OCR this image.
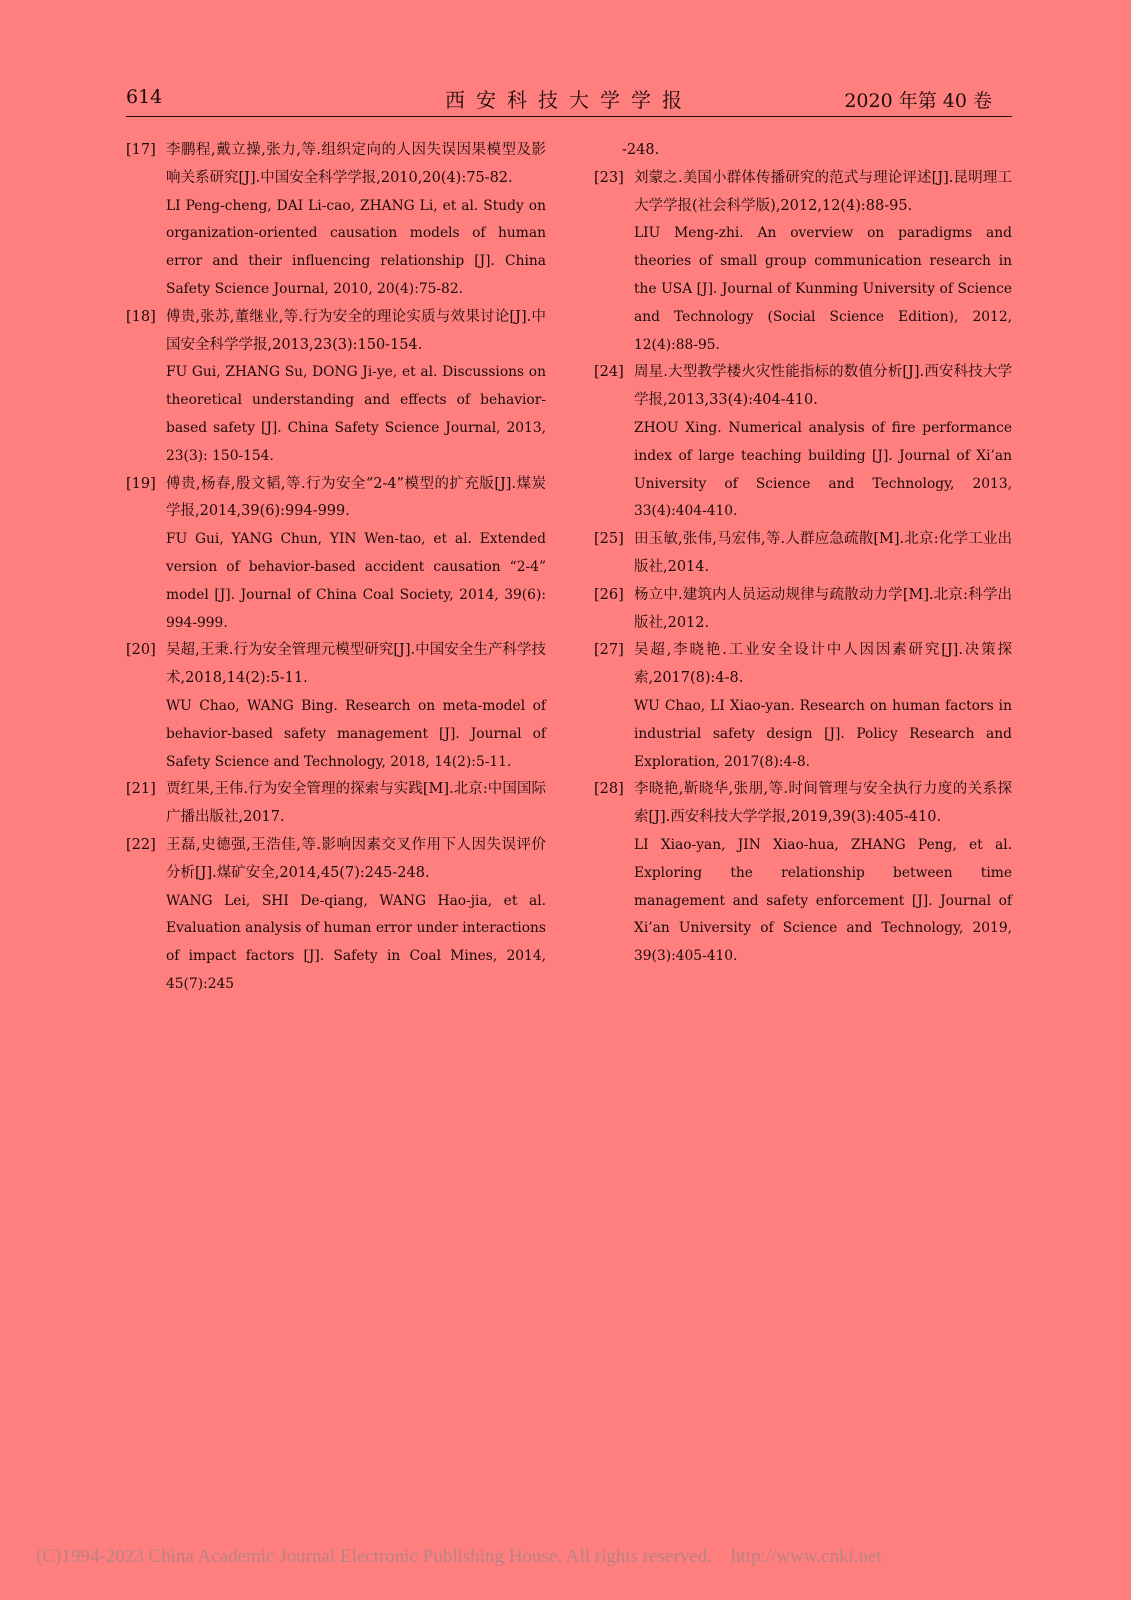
614	西安科技大学学报	2020 年第 40 卷
[17] 李鹏程,戴立操,张力,等.组织定向的人因失误因果模型及影响关系研究[J].中国安全科学学报,2010,20(4):75-82.
LI Peng-cheng, DAI Li-cao, ZHANG Li, et al. Study on organization-oriented causation models of human error and their influencing relationship [J]. China Safety Science Journal, 2010, 20(4):75-82.
[18] 傅贵,张苏,董继业,等.行为安全的理论实质与效果讨论[J].中国安全科学学报,2013,23(3):150-154.
FU Gui, ZHANG Su, DONG Ji-ye, et al. Discussions on theoretical understanding and effects of behavior-based safety [J]. China Safety Science Journal, 2013, 23(3): 150-154.
[19] 傅贵,杨春,殷文韬,等.行为安全“2-4”模型的扩充版[J].煤炭学报,2014,39(6):994-999.
FU Gui, YANG Chun, YIN Wen-tao, et al. Extended version of behavior-based accident causation “2-4” model [J]. Journal of China Coal Society, 2014, 39(6): 994-999.
[20] 吴超,王秉.行为安全管理元模型研究[J].中国安全生产科学技术,2018,14(2):5-11.
WU Chao, WANG Bing. Research on meta-model of behavior-based safety management [J]. Journal of Safety Science and Technology, 2018, 14(2):5-11.
[21] 贾红果,王伟.行为安全管理的探索与实践[M].北京:中国国际广播出版社,2017.
[22] 王磊,史德强,王浩佳,等.影响因素交叉作用下人因失误评价分析[J].煤矿安全,2014,45(7):245-248.
WANG Lei, SHI De-qiang, WANG Hao-jia, et al. Evaluation analysis of human error under interactions of impact factors [J]. Safety in Coal Mines, 2014, 45(7):245
-248.
[23] 刘蒙之.美国小群体传播研究的范式与理论评述[J].昆明理工大学学报(社会科学版),2012,12(4):88-95.
LIU Meng-zhi. An overview on paradigms and theories of small group communication research in the USA [J]. Journal of Kunming University of Science and Technology (Social Science Edition), 2012, 12(4):88-95.
[24] 周星.大型教学楼火灾性能指标的数值分析[J].西安科技大学学报,2013,33(4):404-410.
ZHOU Xing. Numerical analysis of fire performance index of large teaching building [J]. Journal of Xi’an University of Science and Technology, 2013, 33(4):404-410.
[25] 田玉敏,张伟,马宏伟,等.人群应急疏散[M].北京:化学工业出版社,2014.
[26] 杨立中.建筑内人员运动规律与疏散动力学[M].北京:科学出版社,2012.
[27] 吴超,李晓艳.工业安全设计中人因因素研究[J].决策探索,2017(8):4-8.
WU Chao, LI Xiao-yan. Research on human factors in industrial safety design [J]. Policy Research and Exploration, 2017(8):4-8.
[28] 李晓艳,靳晓华,张朋,等.时间管理与安全执行力度的关系探索[J].西安科技大学学报,2019,39(3):405-410.
LI Xiao-yan, JIN Xiao-hua, ZHANG Peng, et al. Exploring the relationship between time management and safety enforcement [J]. Journal of Xi’an University of Science and Technology, 2019, 39(3):405-410.
(C)1994-2023 China Academic Journal Electronic Publishing House. All rights reserved.    http://www.cnki.net
